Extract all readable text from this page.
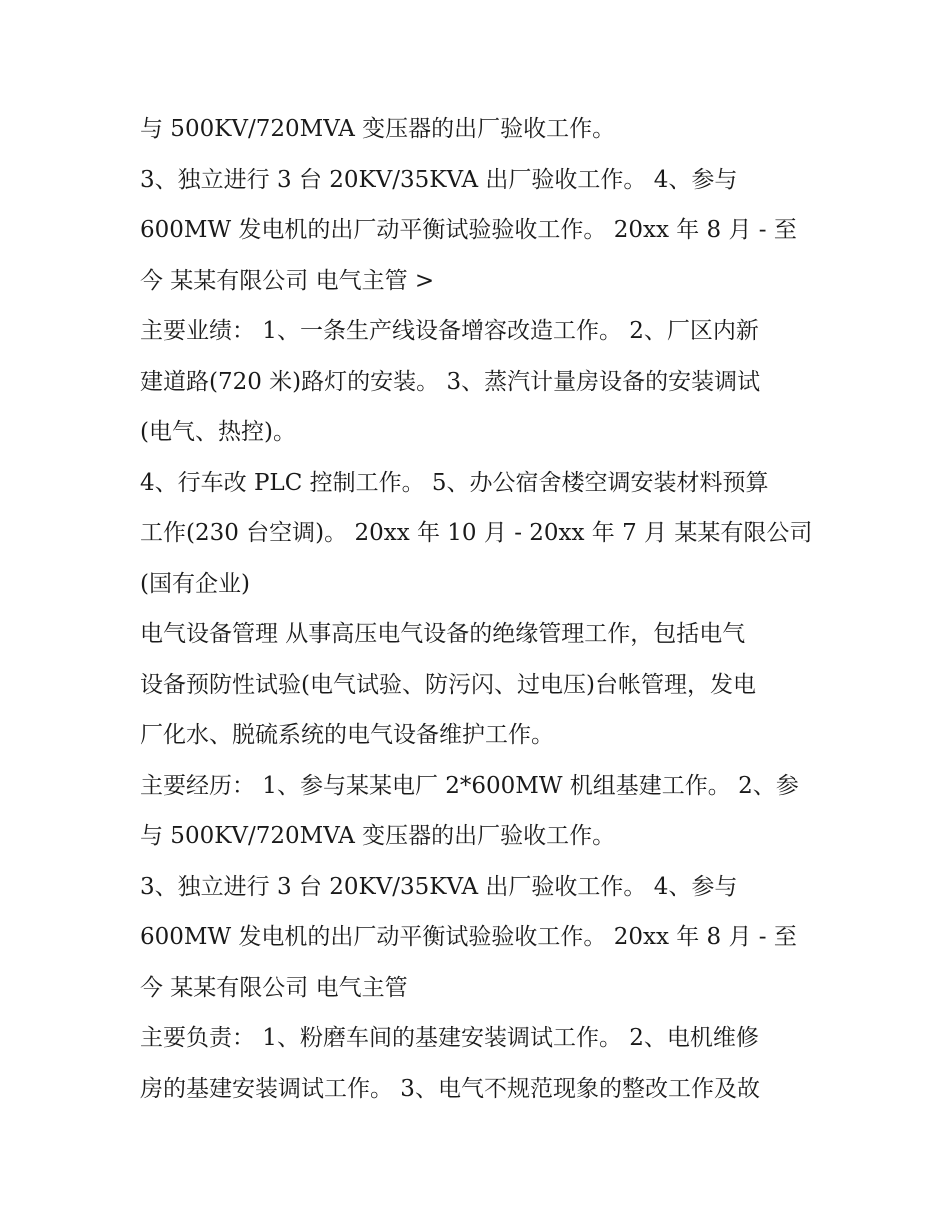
与 500KV/720MVA 变压器的出厂验收工作。
3、独立进行 3 台 20KV/35KVA 出厂验收工作。 4、参与
600MW 发电机的出厂动平衡试验验收工作。 20xx 年 8 月 - 至
今 某某有限公司 电气主管 >
主要业绩： 1、一条生产线设备增容改造工作。 2、厂区内新
建道路(720 米)路灯的安装。 3、蒸汽计量房设备的安装调试
(电气、热控)。
4、行车改 PLC 控制工作。 5、办公宿舍楼空调安装材料预算
工作(230 台空调)。 20xx 年 10 月 - 20xx 年 7 月 某某有限公司
(国有企业)
电气设备管理 从事高压电气设备的绝缘管理工作，包括电气
设备预防性试验(电气试验、防污闪、过电压)台帐管理，发电
厂化水、脱硫系统的电气设备维护工作。
主要经历： 1、参与某某电厂 2*600MW 机组基建工作。 2、参
与 500KV/720MVA 变压器的出厂验收工作。
3、独立进行 3 台 20KV/35KVA 出厂验收工作。 4、参与
600MW 发电机的出厂动平衡试验验收工作。 20xx 年 8 月 - 至
今 某某有限公司 电气主管
主要负责： 1、粉磨车间的基建安装调试工作。 2、电机维修
房的基建安装调试工作。 3、电气不规范现象的整改工作及故
